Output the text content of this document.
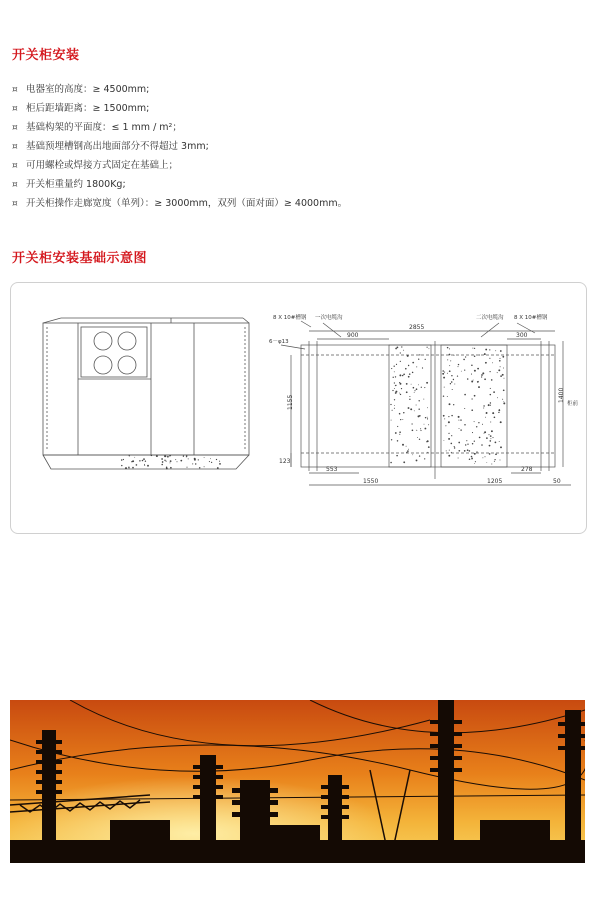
开关柜安装
¤ 电器室的高度：≥ 4500mm;
¤ 柜后距墙距离：≥ 1500mm;
¤ 基础构架的平面度：≤ 1 mm / m²；
¤ 基础预埋槽钢高出地面部分不得超过 3mm;
¤ 可用螺栓或焊接方式固定在基础上；
¤ 开关柜重量约 1800Kg;
¤ 开关柜操作走廊宽度（单列）：≥ 3000mm，双列（面对面）≥ 4000mm。
开关柜安装基础示意图
8 X 10#槽钢 一次电缆沟	二次电缆沟 8 X 10#槽钢
6－φ13
柜前
2855
900	300
1155
123
1400
553	278
1550	1205	50
